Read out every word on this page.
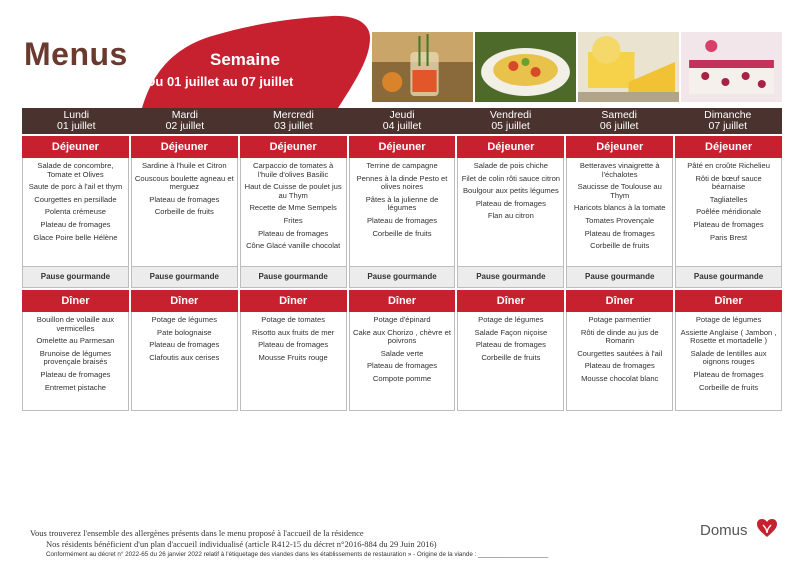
Menus	Semaine
Du 01 juillet au 07 juillet
Lundi
01 juillet
Mardi
02 juillet
Mercredi
03 juillet
Jeudi
04 juillet
Vendredi
05 juillet
Samedi
06 juillet
Dimanche
07 juillet
Déjeuner
Salade de concombre, Tomate et Olives
Saute de porc à l'ail et thym
Courgettes en persillade
Polenta crémeuse
Plateau de fromages
Glace Poire belle Hélène
Pause gourmande
Dîner
Bouillon de volaille aux vermicelles
Omelette au Parmesan
Brunoise de légumes provençale braisés
Plateau de fromages
Entremet pistache
Déjeuner
Sardine à l'huile et Citron
Couscous boulette agneau et merguez
Plateau de fromages
Corbeille de fruits
Pause gourmande
Dîner
Potage de légumes
Pate bolognaise
Plateau de fromages
Clafoutis aux cerises
Déjeuner
Carpaccio de tomates à l'huile d'olives Basilic
Haut de Cuisse de poulet jus au Thym
Recette de Mme Sempels
Frites
Plateau de fromages
Cône Glacé vanille chocolat
Pause gourmande
Dîner
Potage de tomates
Risotto aux fruits de mer
Plateau de fromages
Mousse Fruits rouge
Déjeuner
Terrine de campagne
Pennes à la dinde Pesto et olives noires
Pâtes à la julienne de légumes
Plateau de fromages
Corbeille de fruits
Pause gourmande
Dîner
Potage d'épinard
Cake aux Chorizo , chèvre et poivrons
Salade verte
Plateau de fromages
Compote pomme
Déjeuner
Salade de pois chiche
Filet de colin rôti sauce citron
Boulgour aux petits légumes
Plateau de fromages
Flan au citron
Pause gourmande
Dîner
Potage de légumes
Salade Façon niçoise
Plateau de fromages
Corbeille de fruits
Déjeuner
Betteraves vinaigrette à l'échalotes
Saucisse de Toulouse au Thym
Haricots blancs à la tomate
Tomates Provençale
Plateau de fromages
Corbeille de fruits
Pause gourmande
Dîner
Potage parmentier
Rôti de dinde au jus de Romarin
Courgettes sautées à l'ail
Plateau de fromages
Mousse chocolat blanc
Déjeuner
Pâté en croûte Richelieu
Rôti de bœuf sauce béarnaise
Tagliatelles
Poêlée méridionale
Plateau de fromages
Paris Brest
Pause gourmande
Dîner
Potage de légumes
Assiette Anglaise ( Jambon , Rosette et mortadelle )
Salade de lentilles aux oignons rouges
Plateau de fromages
Corbeille de fruits
Vous trouverez l'ensemble des allergènes présents dans le menu proposé à l'accueil de la résidence
Nos résidents bénéficient d'un plan d'accueil individualisé (article R412-15 du décret n°2016-884 du 29 Juin 2016)
Conformément au décret n° 2022-65 du 26 janvier 2022 relatif à l'étiquetage des viandes dans les établissements de restauration » - Origine de la viande : ____________________
Domus
